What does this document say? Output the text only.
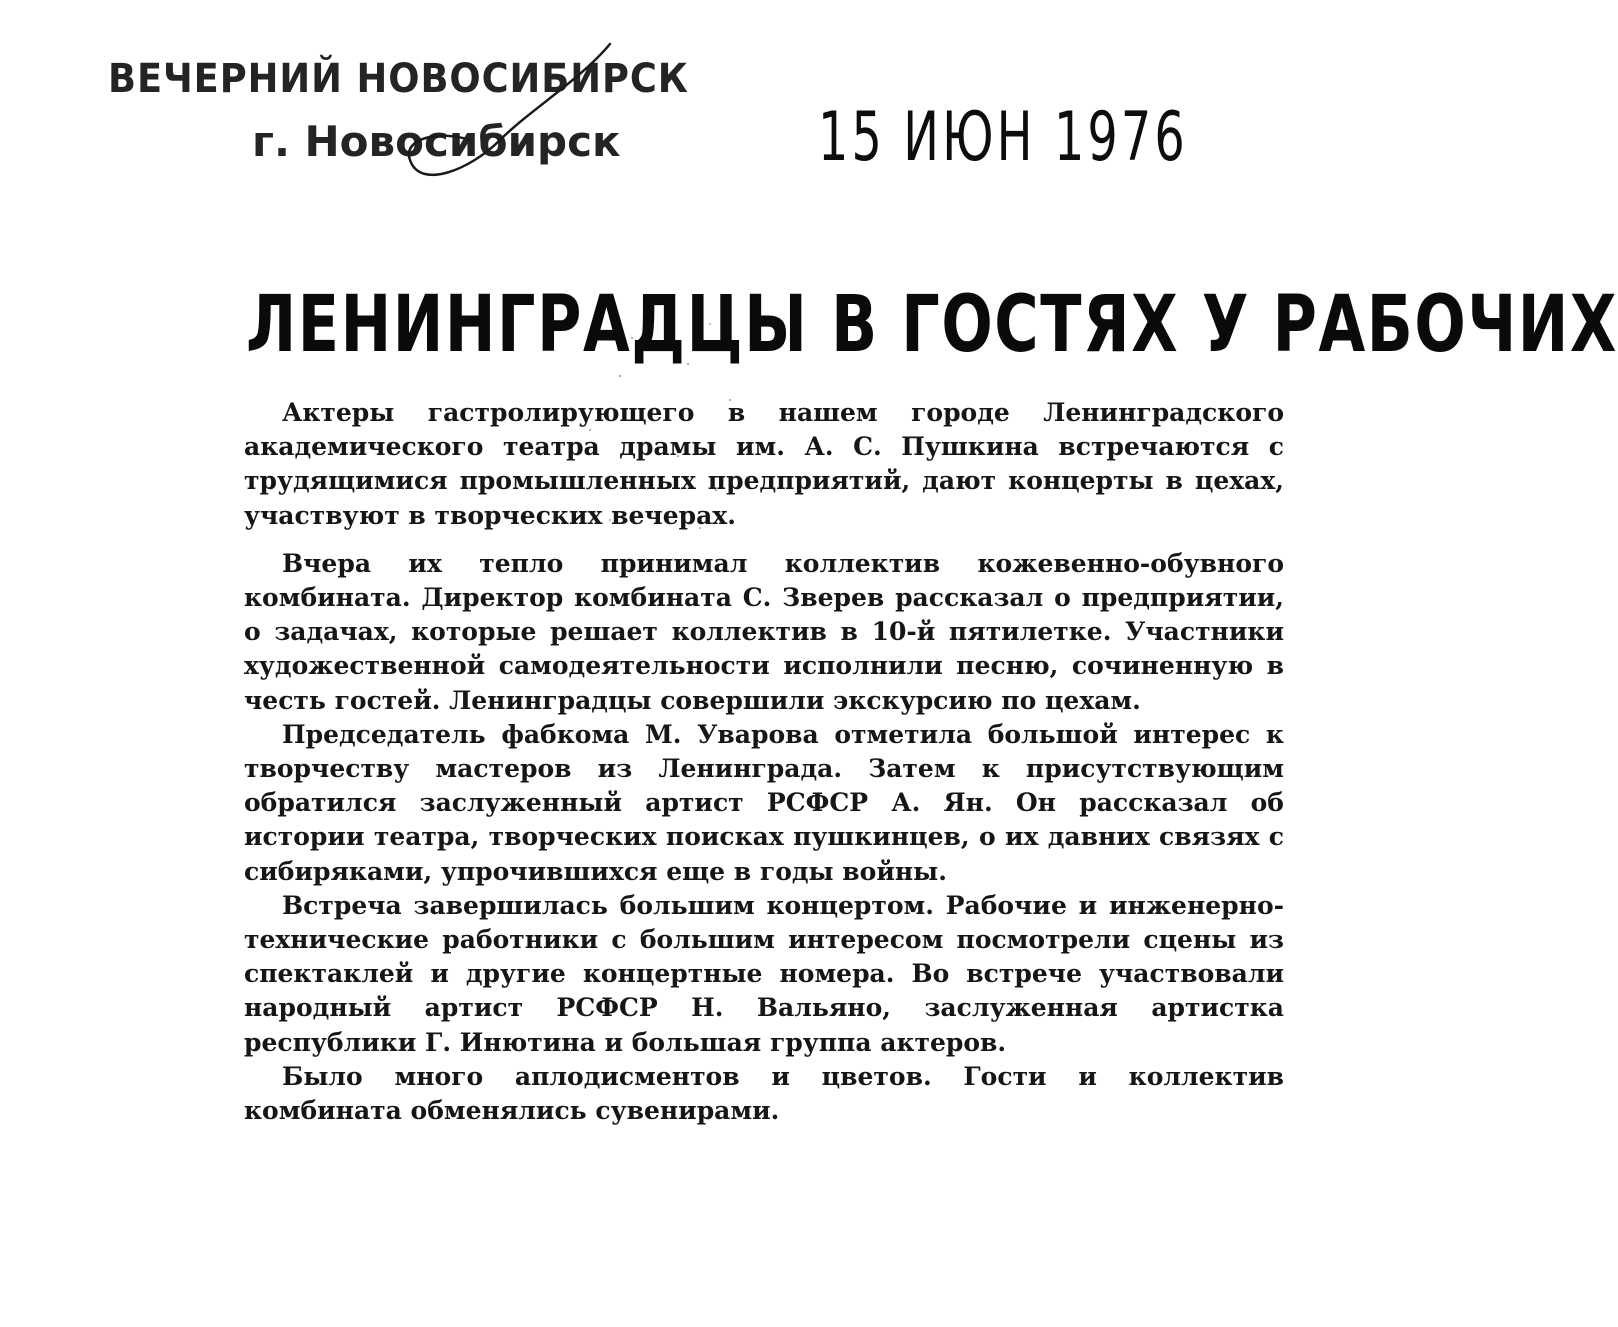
ВЕЧЕРНИЙ НОВОСИБИРСК
г. Новосибирск	15 ИЮН 1976
ЛЕНИНГРАДЦЫ В ГОСТЯХ У РАБОЧИХ

Актеры гастролирующего в нашем городе Ленинградского академического театра драмы им. А. С. Пушкина встречаются с трудящимися промышленных предприятий, дают концерты в цехах, участвуют в творческих вечерах.

Вчера их тепло принимал коллектив кожевенно-обувного комбината. Директор комбината С. Зверев рассказал о предприятии, о задачах, которые решает коллектив в 10-й пятилетке. Участники художественной самодеятельности исполнили песню, сочиненную в честь гостей. Ленинградцы совершили экскурсию по цехам.

Председатель фабкома М. Уварова отметила большой интерес к творчеству мастеров из Ленинграда. Затем к присутствующим обратился заслуженный артист РСФСР А. Ян. Он рассказал об истории театра, творческих поисках пушкинцев, о их давних связях с сибиряками, упрочившихся еще в годы войны.

Встреча завершилась большим концертом. Рабочие и инженерно-технические работники с большим интересом посмотрели сцены из спектаклей и другие концертные номера. Во встрече участвовали народный артист РСФСР Н. Вальяно, заслуженная артистка республики Г. Инютина и большая группа актеров.

Было много аплодисментов и цветов. Гости и коллектив комбината обменялись сувенирами.
